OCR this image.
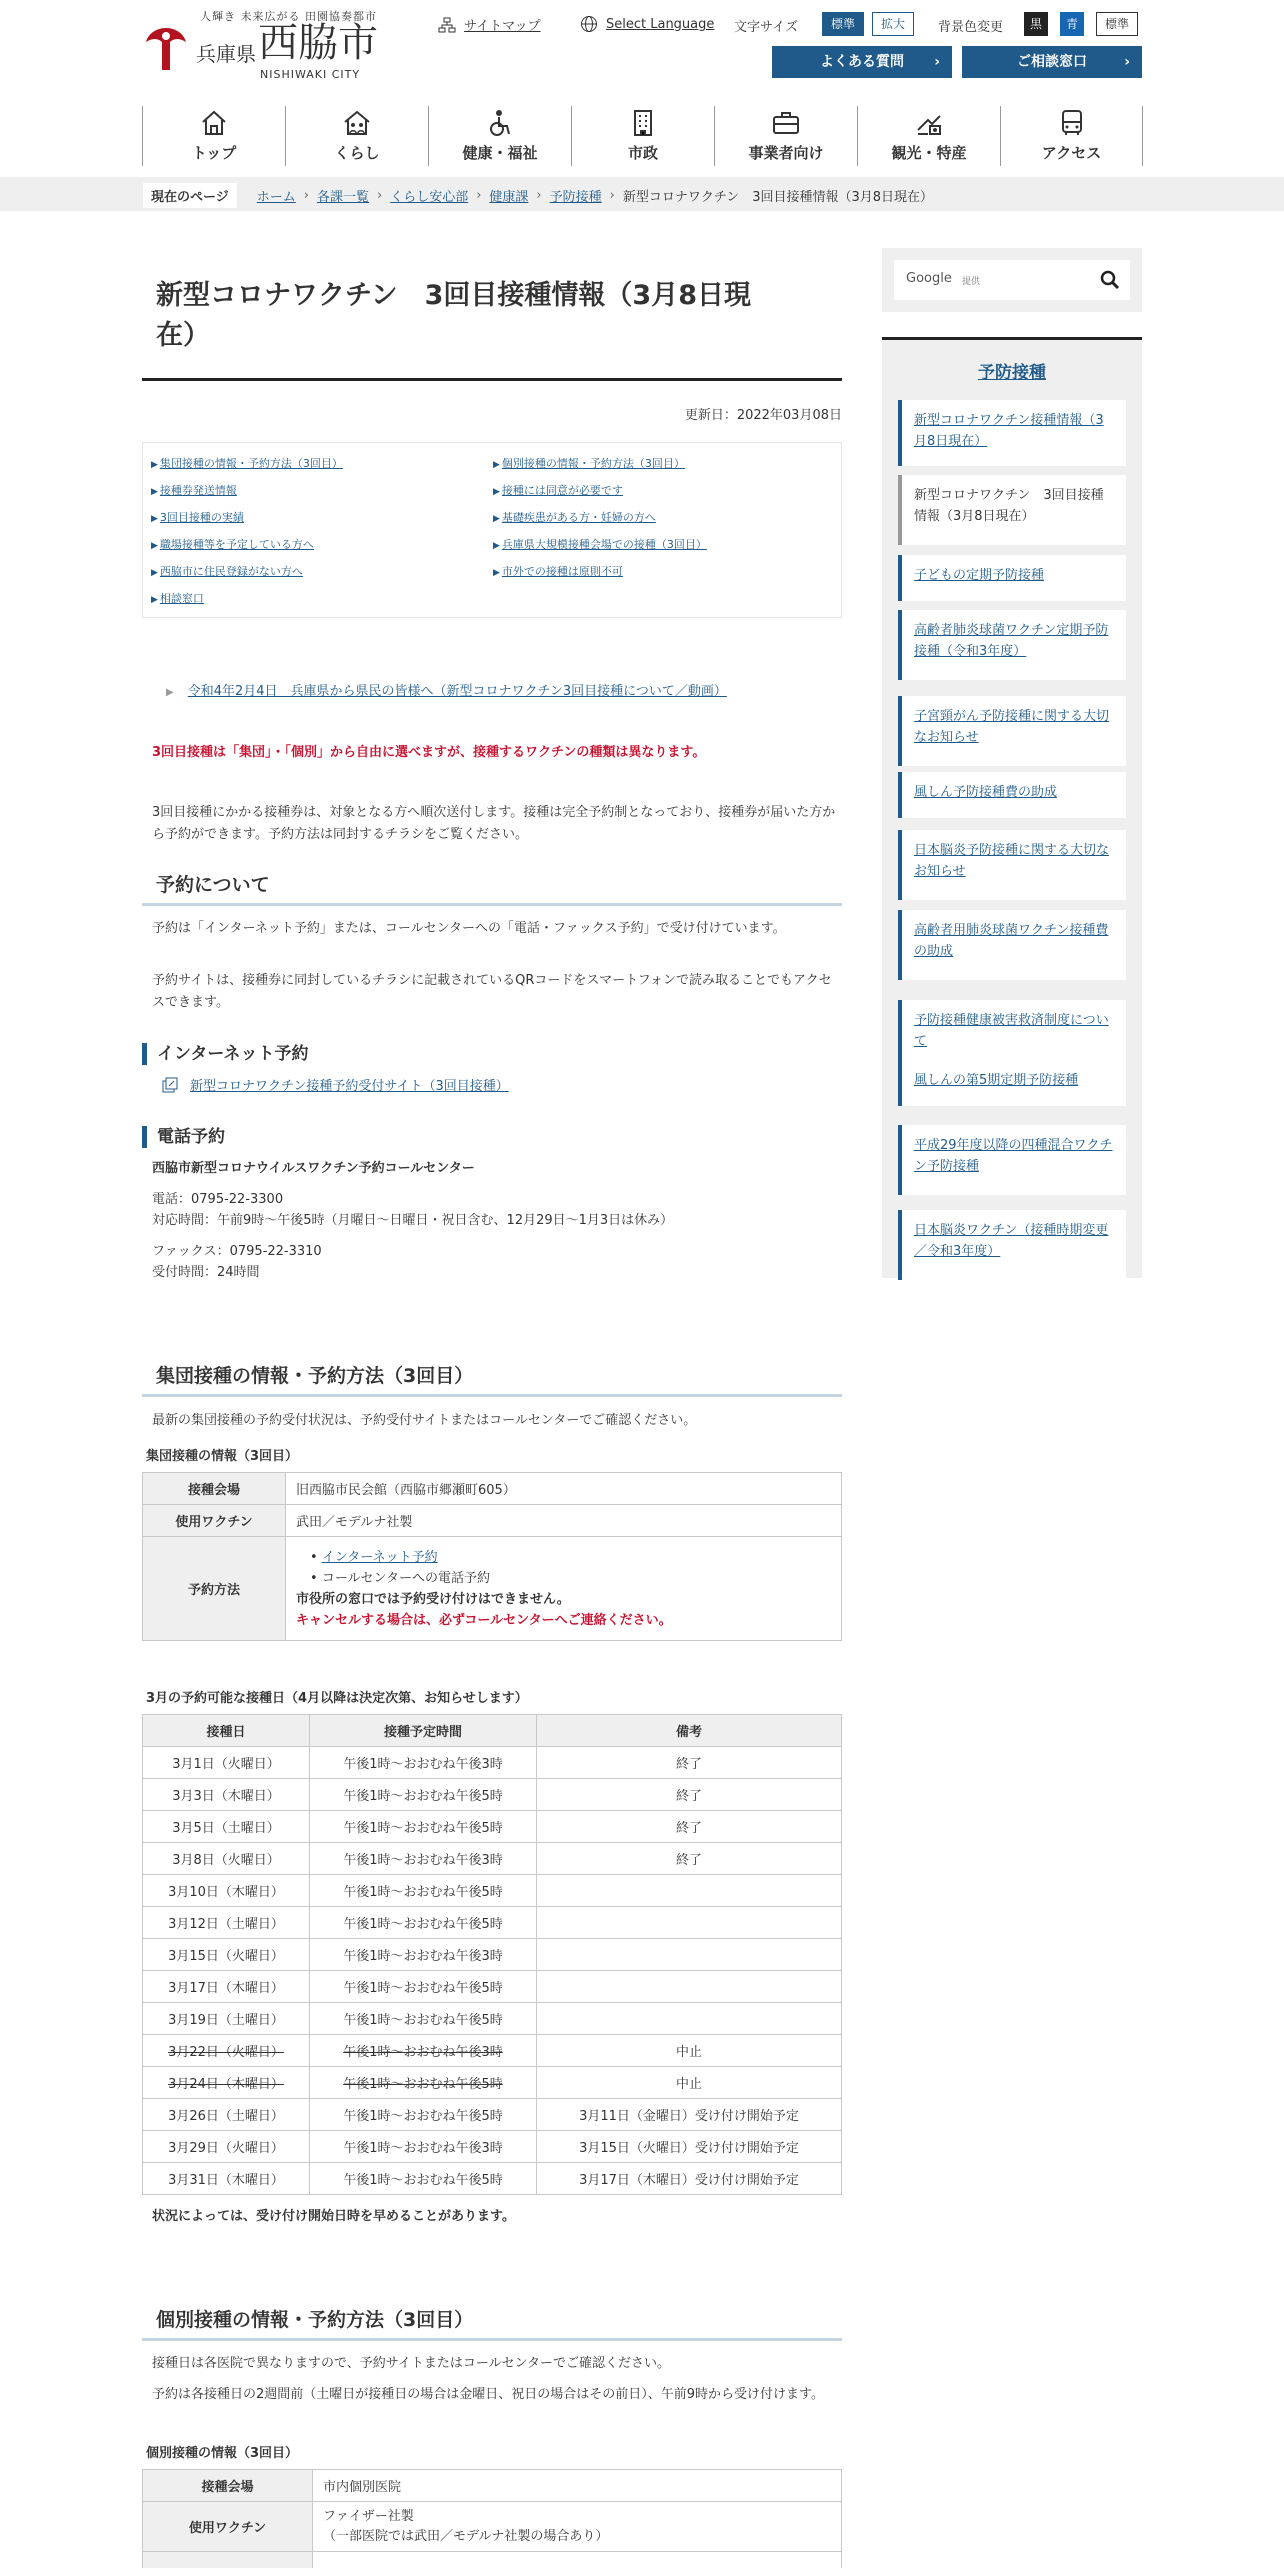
人輝き 未来広がる 田園協奏都市
兵庫県 西脇市
NISHIWAKI CITY
サイトマップ	Select Language 文字サイズ	標準	拡大	背景色変更	黒	青	標準
よくある質問 ›	ご相談窓口	›
トップ	くらし	健康・福祉	市政	事業者向け	観光・特産	アクセス
現在のページ	ホーム › 各課一覧 › くらし安心部 › 健康課 › 予防接種 › 新型コロナワクチン　3回目接種情報（3月8日現在）
新型コロナワクチン　3回目接種情報（3月8日現
在）
更新日：2022年03月08日
▶ 集団接種の情報・予約方法（3回目）	▶ 個別接種の情報・予約方法（3回目）
▶ 接種券発送情報	▶ 接種には同意が必要です
▶ 3回目接種の実績	▶ 基礎疾患がある方・妊婦の方へ
▶ 職場接種等を予定している方へ	▶ 兵庫県大規模接種会場での接種（3回目）
▶ 西脇市に住民登録がない方へ	▶ 市外での接種は原則不可
▶ 相談窓口
▶ 令和4年2月4日　兵庫県から県民の皆様へ（新型コロナワクチン3回目接種について／動画）

3回目接種は「集団」・「個別」から自由に選べますが、接種するワクチンの種類は異なります。

3回目接種にかかる接種券は、対象となる方へ順次送付します。接種は完全予約制となっており、接種券が届いた方から予約ができます。予約方法は同封するチラシをご覧ください。

予約について

予約は「インターネット予約」または、コールセンターへの「電話・ファックス予約」で受け付けています。

予約サイトは、接種券に同封しているチラシに記載されているQRコードをスマートフォンで読み取ることでもアクセスできます。

インターネット予約
新型コロナワクチン接種予約受付サイト（3回目接種）
電話予約

西脇市新型コロナウイルスワクチン予約コールセンター

電話：0795-22-3300

対応時間：午前9時～午後5時（月曜日～日曜日・祝日含む、12月29日～1月3日は休み）

ファックス：0795-22-3310

受付時間：24時間

集団接種の情報・予約方法（3回目）

最新の集団接種の予約受付状況は、予約受付サイトまたはコールセンターでご確認ください。

集団接種の情報（3回目）

接種会場	旧西脇市民会館（西脇市郷瀬町605）
使用ワクチン	武田／モデルナ社製
予約方法	• インターネット予約
• コールセンターへの電話予約
市役所の窓口では予約受け付けはできません。
キャンセルする場合は、必ずコールセンターへご連絡ください。

3月の予約可能な接種日（4月以降は決定次第、お知らせします）

接種日	接種予定時間	備考
3月1日（火曜日）	午後1時～おおむね午後3時	終了
3月3日（木曜日）	午後1時～おおむね午後5時	終了
3月5日（土曜日）	午後1時～おおむね午後5時	終了
3月8日（火曜日）	午後1時～おおむね午後3時	終了
3月10日（木曜日）	午後1時～おおむね午後5時	
3月12日（土曜日）	午後1時～おおむね午後5時	
3月15日（火曜日）	午後1時～おおむね午後3時	
3月17日（木曜日）	午後1時～おおむね午後5時	
3月19日（土曜日）	午後1時～おおむね午後5時	
3月22日（火曜日）	午後1時～おおむね午後3時	中止
3月24日（木曜日）	午後1時～おおむね午後5時	中止
3月26日（土曜日）	午後1時～おおむね午後5時	3月11日（金曜日）受け付け開始予定
3月29日（火曜日）	午後1時～おおむね午後3時	3月15日（火曜日）受け付け開始予定
3月31日（木曜日）	午後1時～おおむね午後5時	3月17日（木曜日）受け付け開始予定

状況によっては、受け付け開始日時を早めることがあります。

個別接種の情報・予約方法（3回目）

接種日は各医院で異なりますので、予約サイトまたはコールセンターでご確認ください。

予約は各接種日の2週間前（土曜日が接種日の場合は金曜日、祝日の場合はその前日）、午前9時から受け付けます。

個別接種の情報（3回目）

接種会場	市内個別医院
使用ワクチン	ファイザー社製
（一部医院では武田／モデルナ社製の場合あり）

Google 提供
予防接種
新型コロナワクチン接種情報（3月8日現在）
新型コロナワクチン　3回目接種情報（3月8日現在）
子どもの定期予防接種
高齢者肺炎球菌ワクチン定期予防接種（令和3年度）
子宮頸がん予防接種に関する大切なお知らせ
風しん予防接種費の助成
日本脳炎予防接種に関する大切なお知らせ
高齢者用肺炎球菌ワクチン接種費の助成
予防接種健康被害救済制度について
風しんの第5期定期予防接種
平成29年度以降の四種混合ワクチン予防接種
日本脳炎ワクチン（接種時期変更／令和3年度）
